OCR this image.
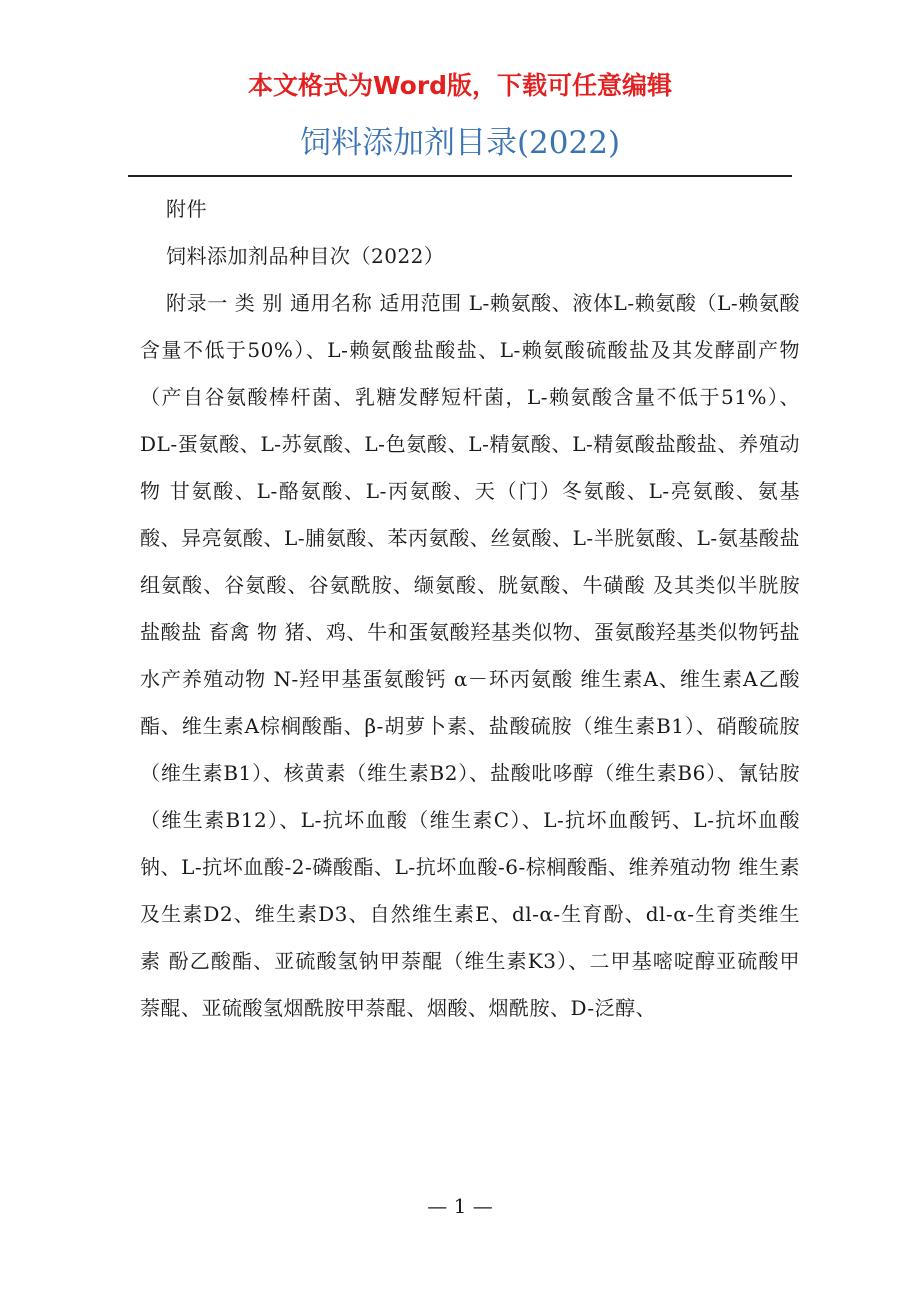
本文格式为Word版，下载可任意编辑
饲料添加剂目录(2022)

附件

饲料添加剂品种目次（2022）

附录一 类 别 通用名称 适用范围 L-赖氨酸、液体L-赖氨酸（L-赖氨酸含量不低于50%）、L-赖氨酸盐酸盐、L-赖氨酸硫酸盐及其发酵副产物（产自谷氨酸棒杆菌、乳糖发酵短杆菌，L-赖氨酸含量不低于51%）、DL-蛋氨酸、L-苏氨酸、L-色氨酸、L-精氨酸、L-精氨酸盐酸盐、养殖动物 甘氨酸、L-酪氨酸、L-丙氨酸、天（门）冬氨酸、L-亮氨酸、氨基酸、异亮氨酸、L-脯氨酸、苯丙氨酸、丝氨酸、L-半胱氨酸、L-氨基酸盐组氨酸、谷氨酸、谷氨酰胺、缬氨酸、胱氨酸、牛磺酸 及其类似半胱胺盐酸盐 畜禽 物 猪、鸡、牛和蛋氨酸羟基类似物、蛋氨酸羟基类似物钙盐 水产养殖动物 N-羟甲基蛋氨酸钙 α－环丙氨酸 维生素A、维生素A乙酸酯、维生素A棕榈酸酯、β-胡萝卜素、盐酸硫胺（维生素B1）、硝酸硫胺（维生素B1）、核黄素（维生素B2）、盐酸吡哆醇（维生素B6）、氰钴胺（维生素B12）、L-抗坏血酸（维生素C）、L-抗坏血酸钙、L-抗坏血酸钠、L-抗坏血酸-2-磷酸酯、L-抗坏血酸-6-棕榈酸酯、维养殖动物 维生素及生素D2、维生素D3、自然维生素E、dl-α-生育酚、dl-α-生育类维生素 酚乙酸酯、亚硫酸氢钠甲萘醌（维生素K3）、二甲基嘧啶醇亚硫酸甲萘醌、亚硫酸氢烟酰胺甲萘醌、烟酸、烟酰胺、D-泛醇、

— 1 —
